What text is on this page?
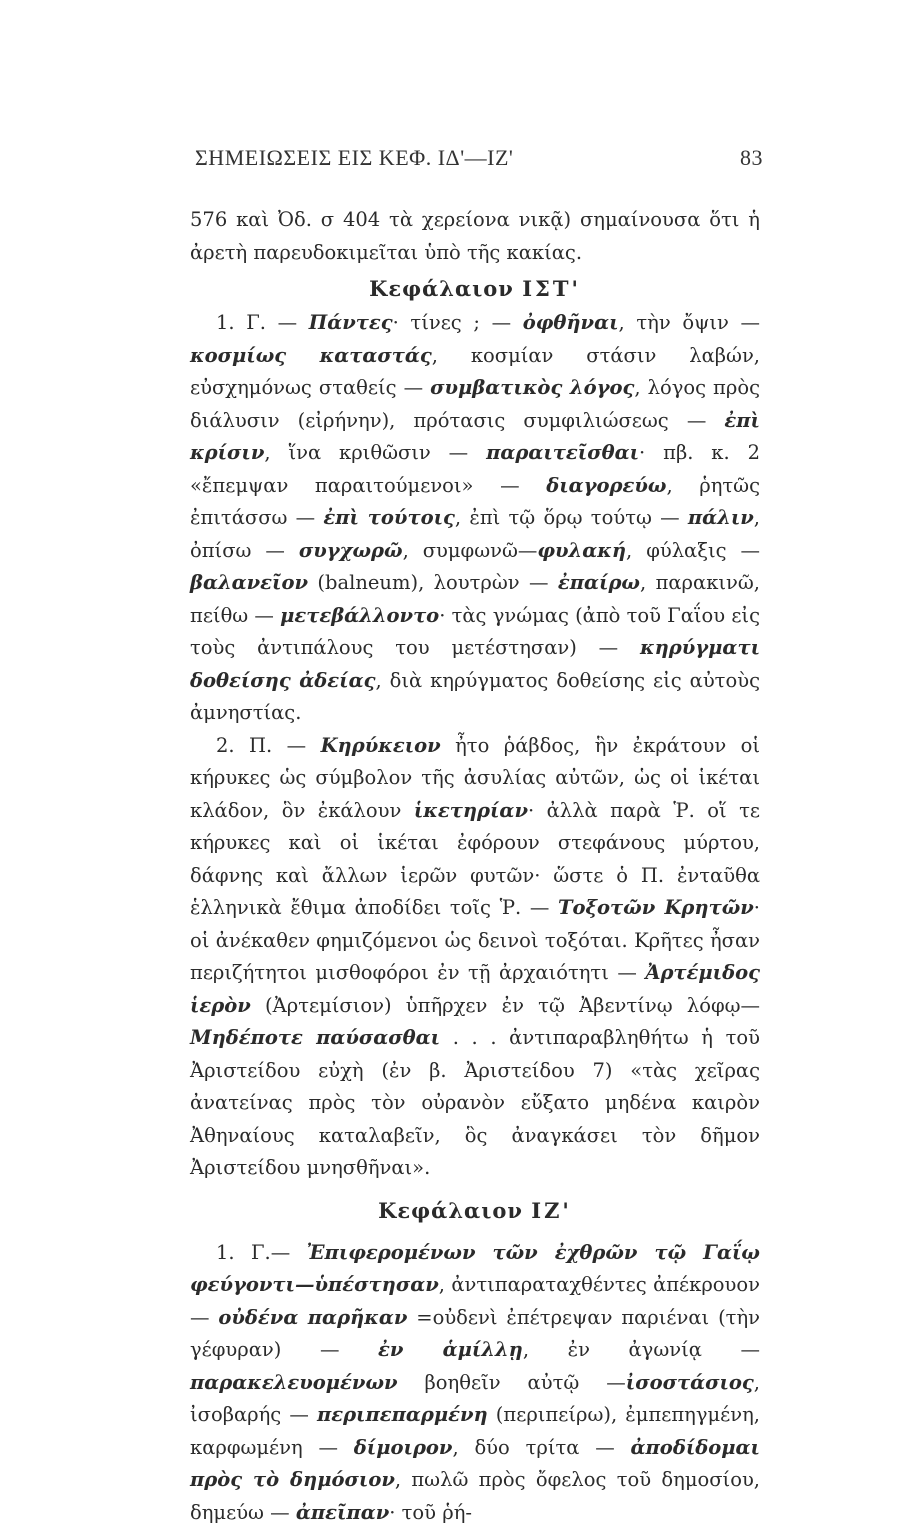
ΣΗΜΕΙΩΣΕΙΣ ΕΙΣ ΚΕΦ. ΙΔ'—ΙΖ'	83

576 καὶ Ὀδ. σ 404 τὰ χερείονα νικᾷ) σημαίνουσα ὅτι ἡ ἀρετὴ παρευδοκιμεῖται ὑπὸ τῆς κακίας.

Κεφάλαιον ΙΣΤ'

1. Γ. — Πάντες· τίνες ; — ὀφθῆναι, τὴν ὄψιν — κοσμίως καταστάς, κοσμίαν στάσιν λαβών, εὐσχημόνως σταθείς — συμβατικὸς λόγος, λόγος πρὸς διάλυσιν (εἰρήνην), πρότασις συμφιλιώσεως — ἐπὶ κρίσιν, ἵνα κριθῶσιν — παραιτεῖσθαι· πβ. κ. 2 «ἔπεμψαν παραιτούμενοι» — διαγορεύω, ῥητῶς ἐπιτάσσω — ἐπὶ τούτοις, ἐπὶ τῷ ὅρῳ τούτῳ — πάλιν, ὀπίσω — συγχωρῶ, συμφωνῶ—φυλακή, φύλαξις — βαλανεῖον (balneum), λουτρὼν — ἐπαίρω, παρακινῶ, πείθω — μετεβάλλοντο· τὰς γνώμας (ἀπὸ τοῦ Γαΐου εἰς τοὺς ἀντιπάλους του μετέστησαν) — κηρύγματι δοθείσης ἀδείας, διὰ κηρύγματος δοθείσης εἰς αὐτοὺς ἀμνηστίας.

2. Π. — Κηρύκειον ἦτο ῥάβδος, ἣν ἐκράτουν οἱ κήρυκες ὡς σύμβολον τῆς ἀσυλίας αὐτῶν, ὡς οἱ ἱκέται κλάδον, ὃν ἐκάλουν ἱκετηρίαν· ἀλλὰ παρὰ Ῥ. οἵ τε κήρυκες καὶ οἱ ἱκέται ἐφόρουν στεφάνους μύρτου, δάφνης καὶ ἄλλων ἱερῶν φυτῶν· ὥστε ὁ Π. ἐνταῦθα ἑλληνικὰ ἔθιμα ἀποδίδει τοῖς Ῥ. — Τοξοτῶν Κρητῶν· οἱ ἀνέκαθεν φημιζόμενοι ὡς δεινοὶ τοξόται. Κρῆτες ἦσαν περιζήτητοι μισθοφόροι ἐν τῇ ἀρχαιότητι — Ἀρτέμιδος ἱερὸν (Ἀρτεμίσιον) ὑπῆρχεν ἐν τῷ Ἀβεντίνῳ λόφῳ— Μηδέποτε παύσασθαι . . . ἀντιπαραβληθήτω ἡ τοῦ Ἀριστείδου εὐχὴ (ἐν β. Ἀριστείδου 7) «τὰς χεῖρας ἀνατείνας πρὸς τὸν οὐρανὸν εὔξατο μηδένα καιρὸν Ἀθηναίους καταλαβεῖν, ὃς ἀναγκάσει τὸν δῆμον Ἀριστείδου μνησθῆναι».

Κεφάλαιον ΙΖ'

1. Γ.— Ἐπιφερομένων τῶν ἐχθρῶν τῷ Γαΐῳ φεύγοντι—ὑπέστησαν, ἀντιπαραταχθέντες ἀπέκρουον — οὐδένα παρῆκαν =οὐδενὶ ἐπέτρεψαν παριέναι (τὴν γέφυραν) — ἐν ἁμίλλῃ, ἐν ἀγωνίᾳ — παρακελευομένων βοηθεῖν αὐτῷ —ἰσοστάσιος, ἰσοβαρής — περιπεπαρμένη (περιπείρω), ἐμπεπηγμένη, καρφωμένη — δίμοιρον, δύο τρίτα — ἀποδίδομαι πρὸς τὸ δημόσιον, πωλῶ πρὸς ὄφελος τοῦ δημοσίου, δημεύω — ἀπεῖπαν· τοῦ ῥή-
